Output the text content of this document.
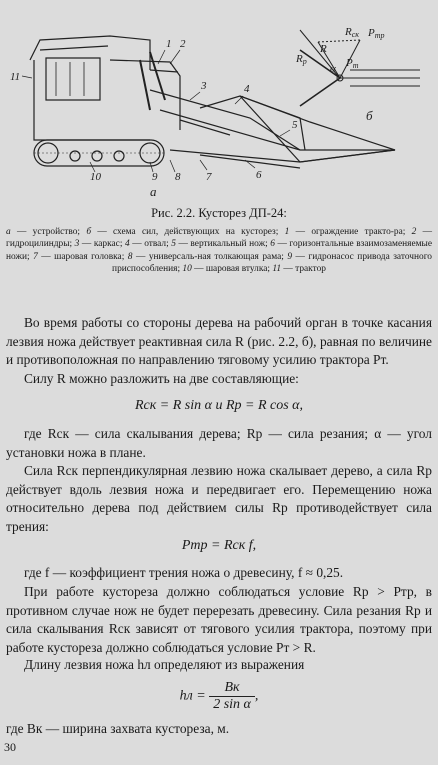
1 2
3	4
5
6
7
8
9
10
11
б
Rск Pтр
Rр	Pт
α
R
а
Рис. 2.2. Кусторез ДП-24:
а — устройство; б — схема сил, действующих на кусторез; 1 — ограждение тракто-ра; 2 — гидроцилиндры; 3 — каркас; 4 — отвал; 5 — вертикальный нож; 6 — горизонтальные взаимозаменяемые ножи; 7 — шаровая головка; 8 — универсаль-ная толкающая рама; 9 — гидронасос привода заточного приспособления; 10 — шаровая втулка; 11 — трактор
Во время работы со стороны дерева на рабочий орган в точке касания лезвия ножа действует реактивная сила R (рис. 2.2, б), равная по величине и противоположная по направлению тяговому усилию трактора Pт.
Силу R можно разложить на две составляющие:
Rск = R sin α и Rр = R cos α,
где Rск — сила скалывания дерева; Rр — сила резания; α — угол установки ножа в плане.
Сила Rск перпендикулярная лезвию ножа скалывает дерево, а сила Rр действует вдоль лезвия ножа и передвигает его. Перемещению ножа относительно дерева под действием силы Rр противодействует сила трения:
Pтр = Rск f,
где f — коэффициент трения ножа о древесину, f ≈ 0,25.
При работе кустореза должно соблюдаться условие Rр > Pтр, в противном случае нож не будет перерезать древесину. Сила резания Rр и сила скалывания Rск зависят от тягового усилия трактора, поэтому при работе кустореза должно соблюдаться условие Pт > R.
Длину лезвия ножа hл определяют из выражения
hл = $\frac{Bк}{\text{2 sin α}}$ ,
где Bк — ширина захвата кустореза, м.
30
